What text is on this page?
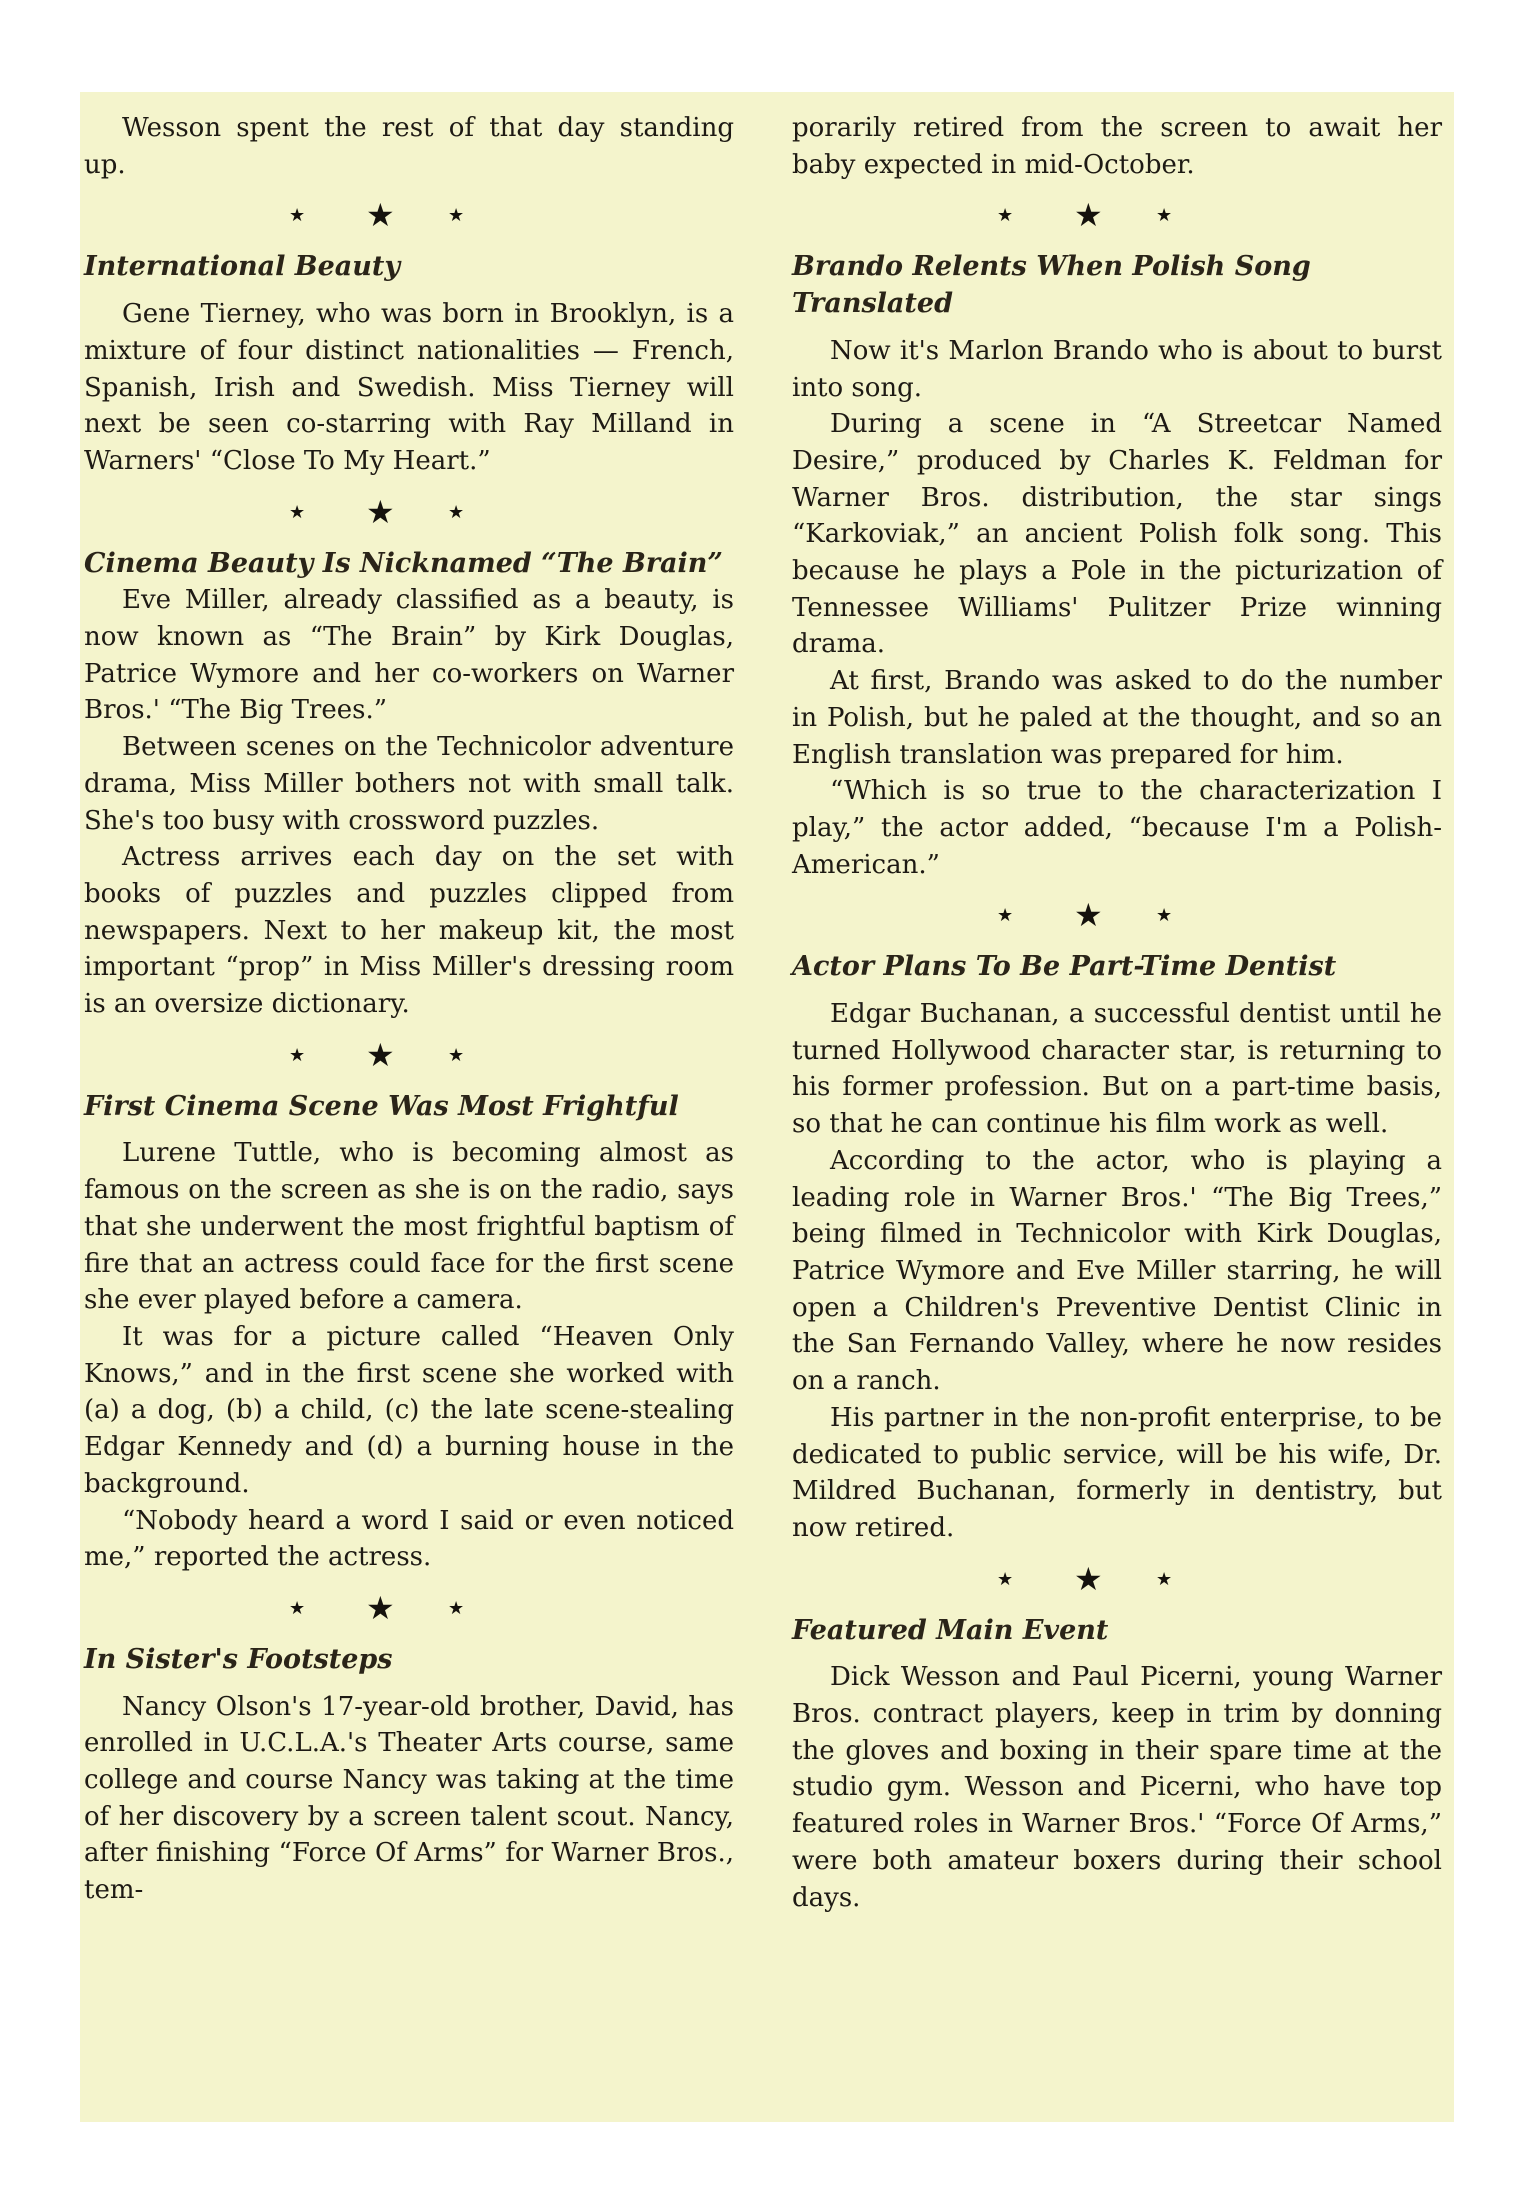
Wesson spent the rest of that day standing up.

★ ★	★
International Beauty

Gene Tierney, who was born in Brooklyn, is a mixture of four distinct nationalities — French, Spanish, Irish and Swedish. Miss Tierney will next be seen co-starring with Ray Milland in Warners' “Close To My Heart.”

★ ★	★
Cinema Beauty Is Nicknamed “The Brain”

Eve Miller, already classified as a beauty, is now known as “The Brain” by Kirk Douglas, Patrice Wymore and her co-workers on Warner Bros.' “The Big Trees.”

Between scenes on the Technicolor adventure drama, Miss Miller bothers not with small talk. She's too busy with crossword puzzles.

Actress arrives each day on the set with books of puzzles and puzzles clipped from newspapers. Next to her makeup kit, the most important “prop” in Miss Miller's dressing room is an oversize dictionary.

★ ★	★
First Cinema Scene Was Most Frightful

Lurene Tuttle, who is becoming almost as famous on the screen as she is on the radio, says that she underwent the most frightful baptism of fire that an actress could face for the first scene she ever played before a camera.

It was for a picture called “Heaven Only Knows,” and in the first scene she worked with (a) a dog, (b) a child, (c) the late scene-stealing Edgar Kennedy and (d) a burning house in the background.

“Nobody heard a word I said or even noticed me,” reported the actress.

★ ★	★
In Sister's Footsteps

Nancy Olson's 17-year-old brother, David, has enrolled in U.C.L.A.'s Theater Arts course, same college and course Nancy was taking at the time of her discovery by a screen talent scout. Nancy, after finishing “Force Of Arms” for Warner Bros., tem-

porarily retired from the screen to await her baby expected in mid-October.

★ ★	★
Brando Relents When Polish Song Translated

Now it's Marlon Brando who is about to burst into song.

During a scene in “A Streetcar Named Desire,” produced by Charles K. Feldman for Warner Bros. distribution, the star sings “Karkoviak,” an ancient Polish folk song. This because he plays a Pole in the picturization of Tennessee Williams' Pulitzer Prize winning drama.

At first, Brando was asked to do the number in Polish, but he paled at the thought, and so an English translation was prepared for him.

“Which is so true to the characterization I play,” the actor added, “because I'm a Polish-American.”

★ ★	★
Actor Plans To Be Part-Time Dentist

Edgar Buchanan, a successful dentist until he turned Hollywood character star, is returning to his former profession. But on a part-time basis, so that he can continue his film work as well.

According to the actor, who is playing a leading role in Warner Bros.' “The Big Trees,” being filmed in Technicolor with Kirk Douglas, Patrice Wymore and Eve Miller starring, he will open a Children's Preventive Dentist Clinic in the San Fernando Valley, where he now resides on a ranch.

His partner in the non-profit enterprise, to be dedicated to public service, will be his wife, Dr. Mildred Buchanan, formerly in dentistry, but now retired.

★ ★	★
Featured Main Event

Dick Wesson and Paul Picerni, young Warner Bros. contract players, keep in trim by donning the gloves and boxing in their spare time at the studio gym. Wesson and Picerni, who have top featured roles in Warner Bros.' “Force Of Arms,” were both amateur boxers during their school days.
